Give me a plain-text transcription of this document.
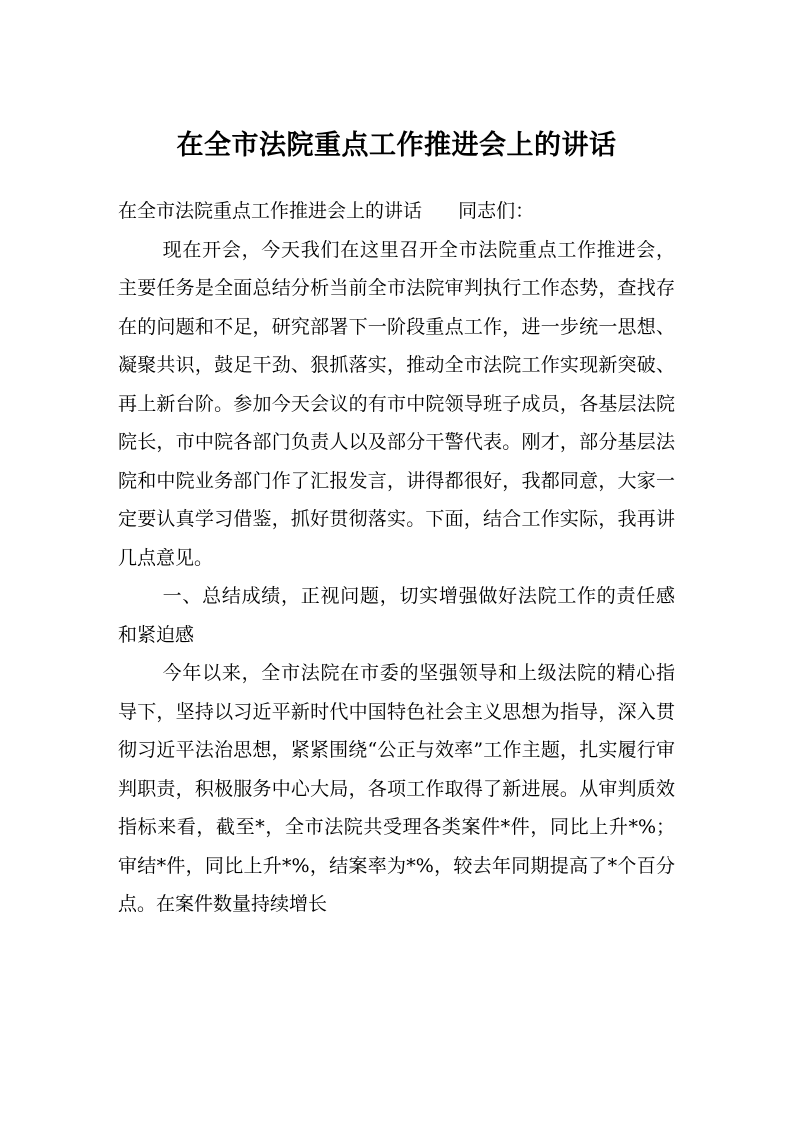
在全市法院重点工作推进会上的讲话

在全市法院重点工作推进会上的讲话 同志们：

现在开会，今天我们在这里召开全市法院重点工作推进会，主要任务是全面总结分析当前全市法院审判执行工作态势，查找存在的问题和不足，研究部署下一阶段重点工作，进一步统一思想、凝聚共识，鼓足干劲、狠抓落实，推动全市法院工作实现新突破、再上新台阶。参加今天会议的有市中院领导班子成员，各基层法院院长，市中院各部门负责人以及部分干警代表。刚才，部分基层法院和中院业务部门作了汇报发言，讲得都很好，我都同意，大家一定要认真学习借鉴，抓好贯彻落实。下面，结合工作实际，我再讲几点意见。

一、总结成绩，正视问题，切实增强做好法院工作的责任感和紧迫感

今年以来，全市法院在市委的坚强领导和上级法院的精心指导下，坚持以习近平新时代中国特色社会主义思想为指导，深入贯彻习近平法治思想，紧紧围绕“公正与效率”工作主题，扎实履行审判职责，积极服务中心大局，各项工作取得了新进展。从审判质效指标来看，截至*，全市法院共受理各类案件*件，同比上升*%；审结*件，同比上升*%，结案率为*%，较去年同期提高了*个百分点。在案件数量持续增长
